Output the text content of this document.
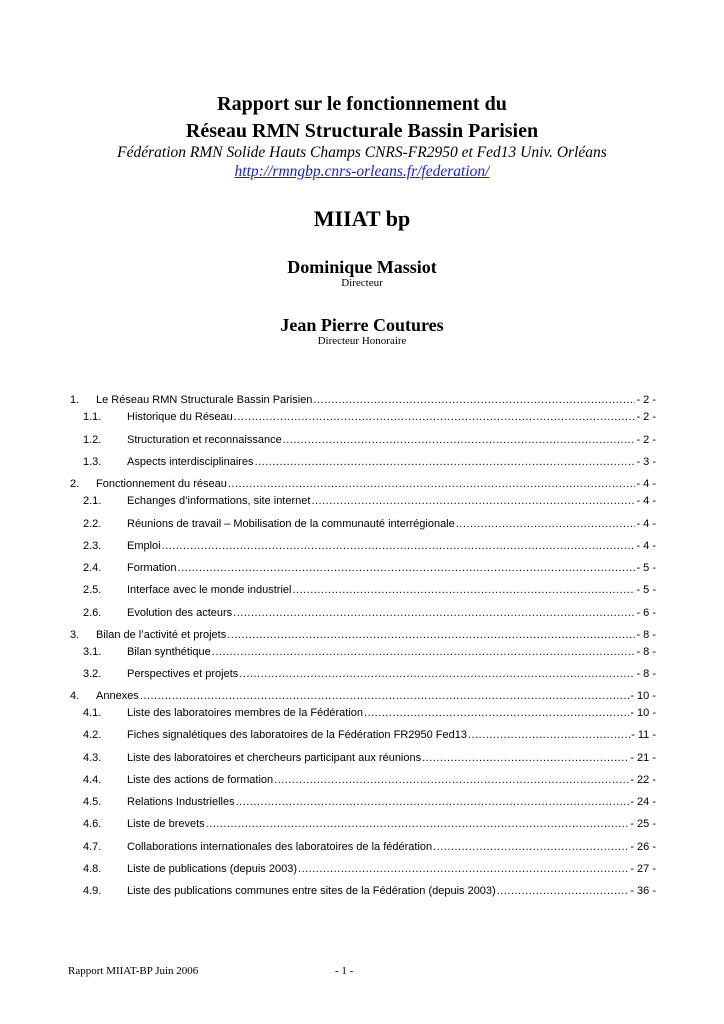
Rapport sur le fonctionnement du
Réseau RMN Structurale Bassin Parisien
Fédération RMN Solide Hauts Champs CNRS-FR2950 et Fed13 Univ. Orléans
http://rmngbp.cnrs-orleans.fr/federation/
MIIAT bp
Dominique Massiot
Directeur
Jean Pierre Coutures
Directeur Honoraire
1.	Le Réseau RMN Structurale Bassin Parisien .....	- 2 -
1.1.	Historique du Réseau .....	- 2 -
1.2.	Structuration et reconnaissance .....	- 2 -
1.3.	Aspects interdisciplinaires .....	- 3 -
2.	Fonctionnement du réseau .....	- 4 -
2.1.	Echanges d’informations, site internet .....	- 4 -
2.2.	Réunions de travail – Mobilisation de la communauté interrégionale .....	- 4 -
2.3.	Emploi .....	- 4 -
2.4.	Formation .....	- 5 -
2.5.	Interface avec le monde industriel .....	- 5 -
2.6.	Evolution des acteurs .....	- 6 -
3.	Bilan de l’activité et projets .....	- 8 -
3.1.	Bilan synthétique .....	- 8 -
3.2.	Perspectives et projets .....	- 8 -
4.	Annexes .....	- 10 -
4.1.	Liste des laboratoires membres de la Fédération .....	- 10 -
4.2.	Fiches signalétiques des laboratoires de la Fédération FR2950 Fed13 .....	- 11 -
4.3.	Liste des laboratoires et chercheurs participant aux réunions .....	- 21 -
4.4.	Liste des actions de formation .....	- 22 -
4.5.	Relations Industrielles .....	- 24 -
4.6.	Liste de brevets .....	- 25 -
4.7.	Collaborations internationales des laboratoires de la fédération .....	- 26 -
4.8.	Liste de publications (depuis 2003) .....	- 27 -
4.9.	Liste des publications communes entre sites de la Fédération (depuis 2003) .....	- 36 -
Rapport MIIAT-BP Juin 2006	- 1 -
